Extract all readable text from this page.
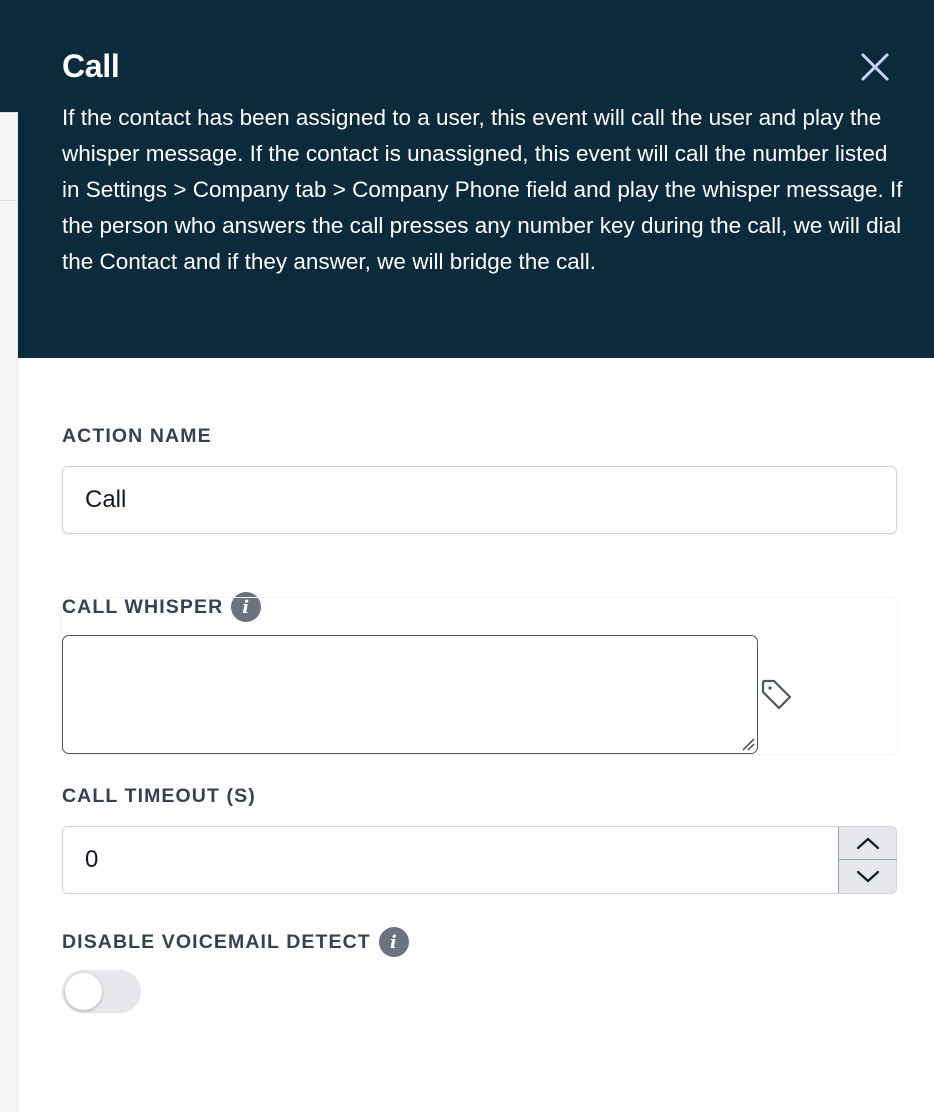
Call
If the contact has been assigned to a user, this event will call the user and play the whisper message. If the contact is unassigned, this event will call the number listed in Settings > Company tab > Company Phone field and play the whisper message. If the person who answers the call presses any number key during the call, we will dial the Contact and if they answer, we will bridge the call.
ACTION NAME
Call
CALL WHISPER	i
CALL TIMEOUT (S)
0
DISABLE VOICEMAIL DETECT	i
